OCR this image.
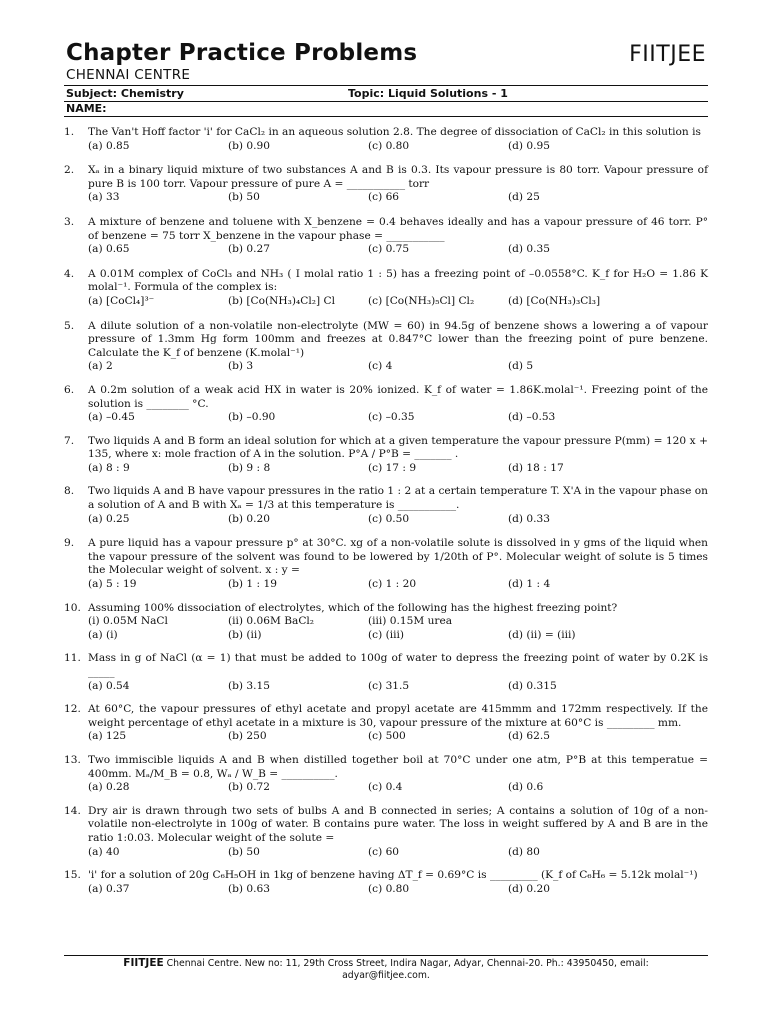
Chapter Practice Problems	FIITJEE
CHENNAI CENTRE
Subject: Chemistry	Topic: Liquid Solutions - 1
NAME:
1. The Van't Hoff factor 'i' for CaCl₂ in an aqueous solution 2.8. The degree of dissociation of CaCl₂ in this solution is
(a) 0.85	(b) 0.90	(c) 0.80	(d) 0.95
2. Xₐ in a binary liquid mixture of two substances A and B is 0.3. Its vapour pressure is 80 torr. Vapour pressure of pure B is 100 torr. Vapour pressure of pure A = ___________ torr
(a) 33	(b) 50	(c) 66	(d) 25
3. A mixture of benzene and toluene with X_benzene = 0.4 behaves ideally and has a vapour pressure of 46 torr. P° of benzene = 75 torr X_benzene in the vapour phase = ___________
(a) 0.65	(b) 0.27	(c) 0.75	(d) 0.35
4. A 0.01M complex of CoCl₃ and NH₃ ( I molal ratio 1 : 5) has a freezing point of –0.0558°C. K_f for H₂O = 1.86 K molal⁻¹. Formula of the complex is:
(a) [CoCl₄]³⁻	(b) [Co(NH₃)₄Cl₂] Cl	(c) [Co(NH₃)₅Cl] Cl₂	(d) [Co(NH₃)₃Cl₃]
5. A dilute solution of a non-volatile non-electrolyte (MW = 60) in 94.5g of benzene shows a lowering a of vapour pressure of 1.3mm Hg form 100mm and freezes at 0.847°C lower than the freezing point of pure benzene. Calculate the K_f of benzene (K.molal⁻¹)
(a) 2	(b) 3	(c) 4	(d) 5
6. A 0.2m solution of a weak acid HX in water is 20% ionized. K_f of water = 1.86K.molal⁻¹. Freezing point of the solution is ________ °C.
(a) –0.45	(b) –0.90	(c) –0.35	(d) –0.53
7. Two liquids A and B form an ideal solution for which at a given temperature the vapour pressure P(mm) = 120 x + 135, where x: mole fraction of A in the solution. P°A / P°B = _______ .
(a) 8 : 9	(b) 9 : 8	(c) 17 : 9	(d) 18 : 17
8. Two liquids A and B have vapour pressures in the ratio 1 : 2 at a certain temperature T. X'A in the vapour phase on a solution of A and B with Xₐ = 1/3 at this temperature is ___________.
(a) 0.25	(b) 0.20	(c) 0.50	(d) 0.33
9. A pure liquid has a vapour pressure p° at 30°C. xg of a non-volatile solute is dissolved in y gms of the liquid when the vapour pressure of the solvent was found to be lowered by 1/20th of P°. Molecular weight of solute is 5 times the Molecular weight of solvent. x : y =
(a) 5 : 19	(b) 1 : 19	(c) 1 : 20	(d) 1 : 4
10. Assuming 100% dissociation of electrolytes, which of the following has the highest freezing point?
(i) 0.05M NaCl	(ii) 0.06M BaCl₂	(iii) 0.15M urea
(a) (i)	(b) (ii)	(c) (iii)	(d) (ii) = (iii)
11. Mass in g of NaCl (α = 1) that must be added to 100g of water to depress the freezing point of water by 0.2K is _____
(a) 0.54	(b) 3.15	(c) 31.5	(d) 0.315
12. At 60°C, the vapour pressures of ethyl acetate and propyl acetate are 415mmm and 172mm respectively. If the weight percentage of ethyl acetate in a mixture is 30, vapour pressure of the mixture at 60°C is _________ mm.
(a) 125	(b) 250	(c) 500	(d) 62.5
13. Two immiscible liquids A and B when distilled together boil at 70°C under one atm, P°B at this temperatue = 400mm. Mₐ/M_B = 0.8, Wₐ / W_B = __________.
(a) 0.28	(b) 0.72	(c) 0.4	(d) 0.6
14. Dry air is drawn through two sets of bulbs A and B connected in series; A contains a solution of 10g of a non-volatile non-electrolyte in 100g of water. B contains pure water. The loss in weight suffered by A and B are in the ratio 1:0.03. Molecular weight of the solute =
(a) 40	(b) 50	(c) 60	(d) 80
15. 'i' for a solution of 20g C₆H₅OH in 1kg of benzene having ΔT_f = 0.69°C is _________ (K_f of C₆H₆ = 5.12k molal⁻¹)
(a) 0.37	(b) 0.63	(c) 0.80	(d) 0.20
FIITJEE Chennai Centre. New no: 11, 29th Cross Street, Indira Nagar, Adyar, Chennai-20. Ph.: 43950450, email:
adyar@fiitjee.com.
